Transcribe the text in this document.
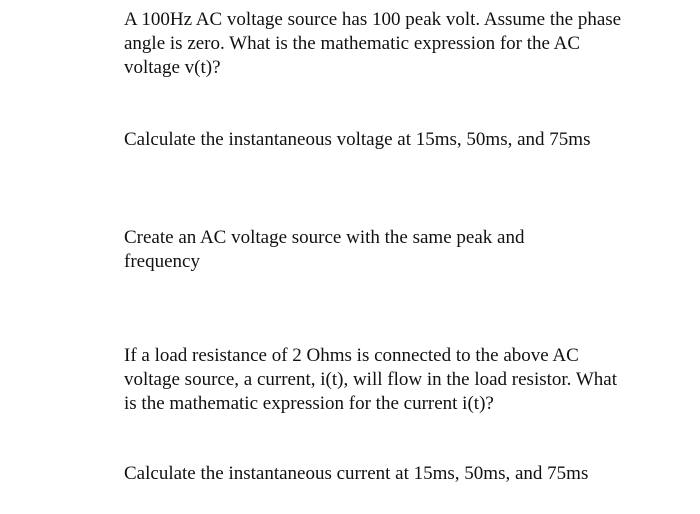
A 100Hz AC voltage source has 100 peak volt. Assume the phase angle is zero. What is the mathematic expression for the AC voltage v(t)?

Calculate the instantaneous voltage at 15ms, 50ms, and 75ms

Create an AC voltage source with the same peak and frequency

If a load resistance of 2 Ohms is connected to the above AC voltage source, a current, i(t), will flow in the load resistor. What is the mathematic expression for the current i(t)?

Calculate the instantaneous current at 15ms, 50ms, and 75ms
